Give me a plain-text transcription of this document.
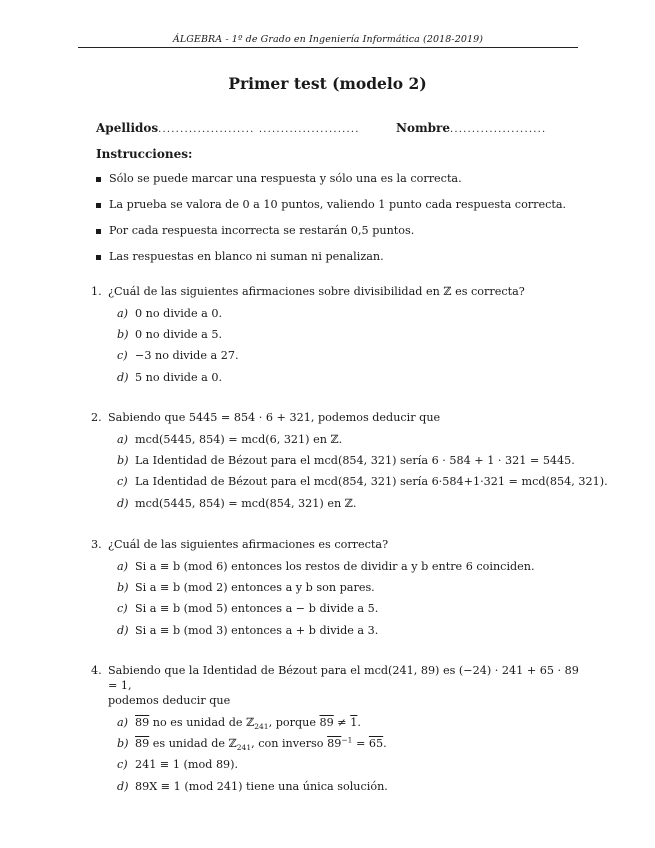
ÁLGEBRA - 1º de Grado en Ingeniería Informática (2018-2019)
Primer test (modelo 2)
Apellidos ...................... .......................	Nombre ......................
Instrucciones:
Sólo se puede marcar una respuesta y sólo una es la correcta.
La prueba se valora de 0 a 10 puntos, valiendo 1 punto cada respuesta correcta.
Por cada respuesta incorrecta se restarán 0,5 puntos.
Las respuestas en blanco ni suman ni penalizan.
1. ¿Cuál de las siguientes afirmaciones sobre divisibilidad en ℤ es correcta?
a) 0 no divide a 0.
b) 0 no divide a 5.
c) −3 no divide a 27.
d) 5 no divide a 0.
2. Sabiendo que 5445 = 854 · 6 + 321, podemos deducir que
a) mcd(5445, 854) = mcd(6, 321) en ℤ.
b) La Identidad de Bézout para el mcd(854, 321) sería 6 · 584 + 1 · 321 = 5445.
c) La Identidad de Bézout para el mcd(854, 321) sería 6·584+1·321 = mcd(854, 321).
d) mcd(5445, 854) = mcd(854, 321) en ℤ.
3. ¿Cuál de las siguientes afirmaciones es correcta?
a) Si a ≡ b (mod 6) entonces los restos de dividir a y b entre 6 coinciden.
b) Si a ≡ b (mod 2) entonces a y b son pares.
c) Si a ≡ b (mod 5) entonces a − b divide a 5.
d) Si a ≡ b (mod 3) entonces a + b divide a 3.
4. Sabiendo que la Identidad de Bézout para el mcd(241, 89) es (−24) · 241 + 65 · 89 = 1,
podemos deducir que
a) 89 no es unidad de ℤ$_{241}$, porque 89 ≠ 1.
b) 89 es unidad de ℤ$_{241}$, con inverso $89^{-1} = 65$.
c) 241 ≡ 1 (mod 89).
d) 89X ≡ 1 (mod 241) tiene una única solución.
